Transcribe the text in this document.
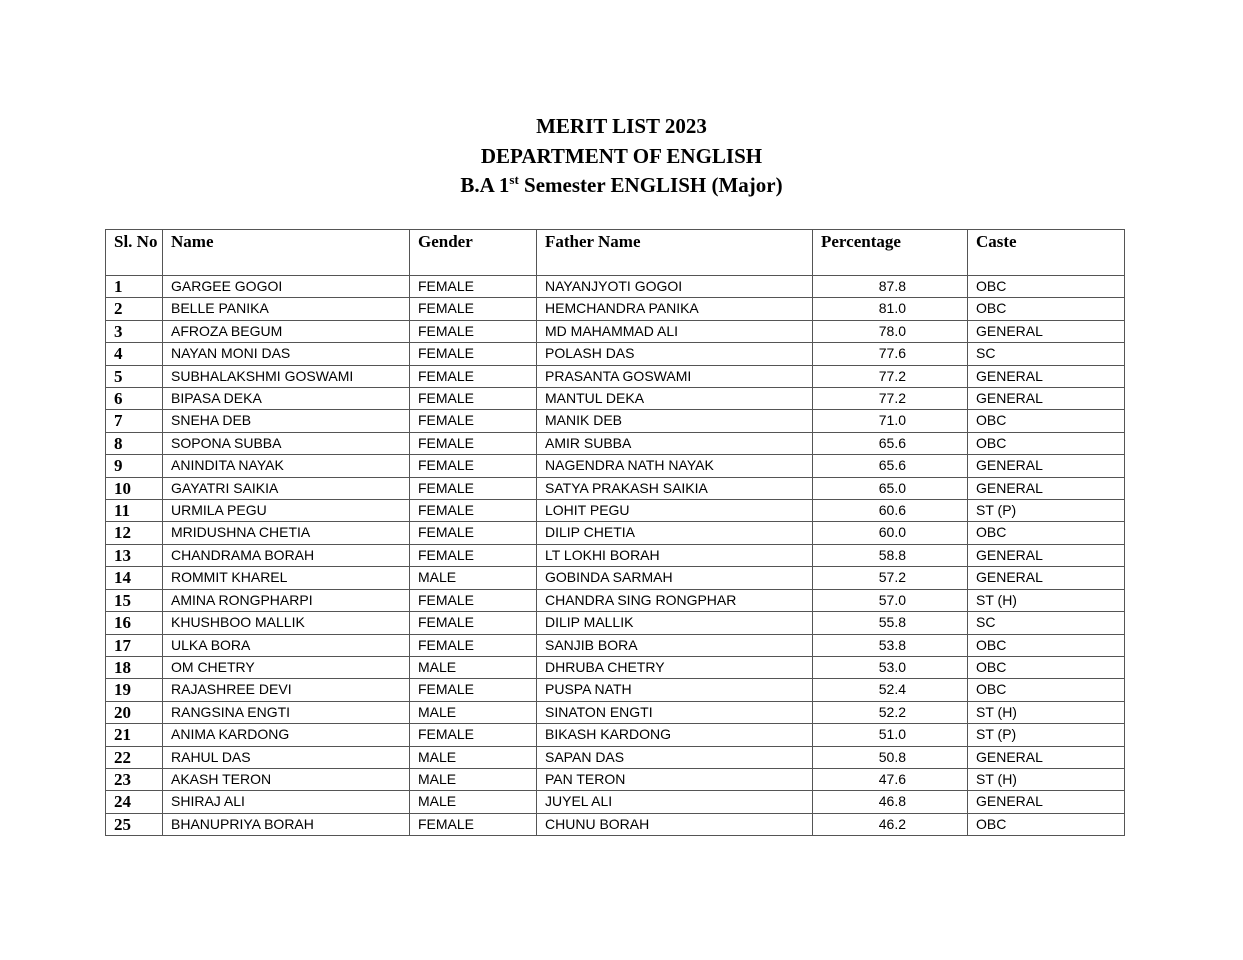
MERIT LIST 2023
DEPARTMENT OF ENGLISH
B.A 1st Semester ENGLISH (Major)
Sl. No	Name	Gender	Father Name	Percentage	Caste
1	GARGEE GOGOI	FEMALE	NAYANJYOTI GOGOI	87.8	OBC
2	BELLE PANIKA	FEMALE	HEMCHANDRA PANIKA	81.0	OBC
3	AFROZA BEGUM	FEMALE	MD MAHAMMAD ALI	78.0	GENERAL
4	NAYAN MONI DAS	FEMALE	POLASH DAS	77.6	SC
5	SUBHALAKSHMI GOSWAMI	FEMALE	PRASANTA GOSWAMI	77.2	GENERAL
6	BIPASA DEKA	FEMALE	MANTUL DEKA	77.2	GENERAL
7	SNEHA DEB	FEMALE	MANIK DEB	71.0	OBC
8	SOPONA SUBBA	FEMALE	AMIR SUBBA	65.6	OBC
9	ANINDITA NAYAK	FEMALE	NAGENDRA NATH NAYAK	65.6	GENERAL
10	GAYATRI SAIKIA	FEMALE	SATYA PRAKASH SAIKIA	65.0	GENERAL
11	URMILA PEGU	FEMALE	LOHIT PEGU	60.6	ST (P)
12	MRIDUSHNA CHETIA	FEMALE	DILIP CHETIA	60.0	OBC
13	CHANDRAMA BORAH	FEMALE	LT LOKHI BORAH	58.8	GENERAL
14	ROMMIT KHAREL	MALE	GOBINDA SARMAH	57.2	GENERAL
15	AMINA RONGPHARPI	FEMALE	CHANDRA SING RONGPHAR	57.0	ST (H)
16	KHUSHBOO MALLIK	FEMALE	DILIP MALLIK	55.8	SC
17	ULKA BORA	FEMALE	SANJIB BORA	53.8	OBC
18	OM CHETRY	MALE	DHRUBA CHETRY	53.0	OBC
19	RAJASHREE DEVI	FEMALE	PUSPA NATH	52.4	OBC
20	RANGSINA ENGTI	MALE	SINATON ENGTI	52.2	ST (H)
21	ANIMA KARDONG	FEMALE	BIKASH KARDONG	51.0	ST (P)
22	RAHUL DAS	MALE	SAPAN DAS	50.8	GENERAL
23	AKASH TERON	MALE	PAN TERON	47.6	ST (H)
24	SHIRAJ ALI	MALE	JUYEL ALI	46.8	GENERAL
25	BHANUPRIYA BORAH	FEMALE	CHUNU BORAH	46.2	OBC
